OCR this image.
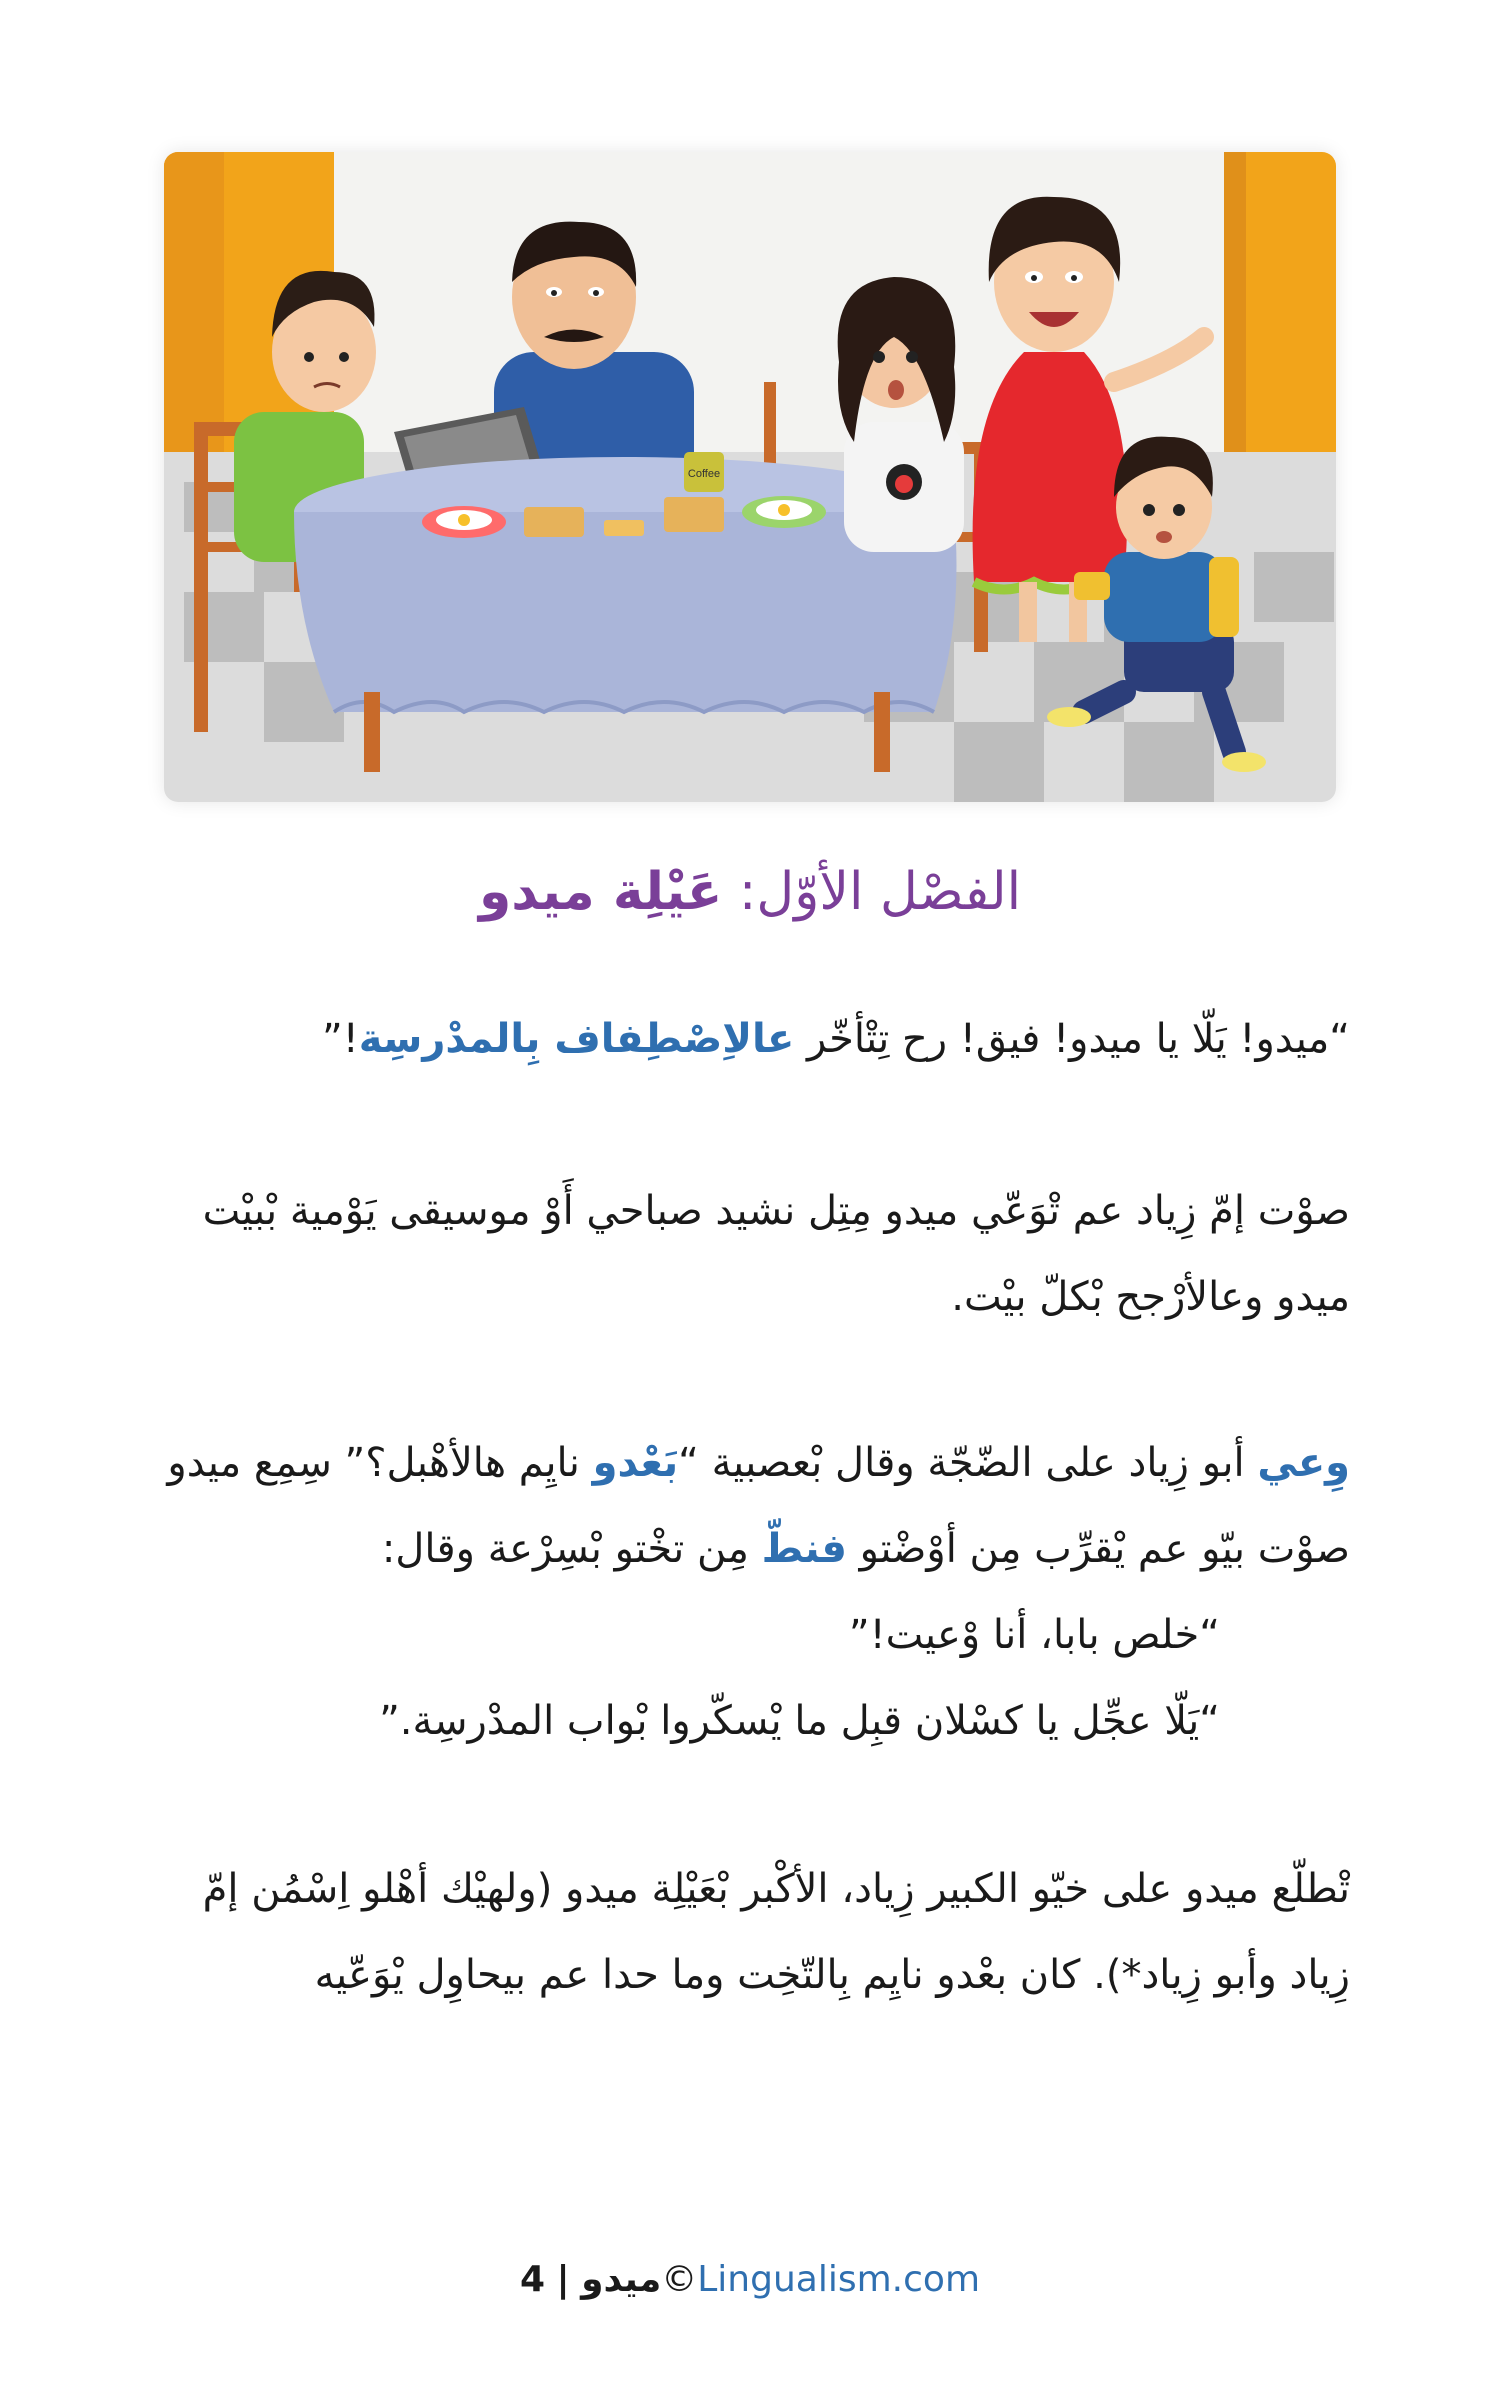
Coffee
الفصْل الأوّل: عَيْلِة ميدو

“ميدو! يَلّا يا ميدو! فيق! رح تِتْأخّر عالاِصْطِفاف بِالمدْرسِة!”

صوْت إمّ زِياد عم تْوَعّي ميدو مِتِل نشيد صباحي أَوْ موسيقى يَوْمية بْبيْت ميدو وعالأرْجح بْكلّ بيْت.

وِعي أبو زِياد على الضّجّة وقال بْعصبية “بَعْدو نايِم هالأهْبل؟” سِمِع ميدو صوْت بيّو عم يْقرِّب مِن أوْضْتو فنطّ مِن تخْتو بْسِرْعة وقال:

“خلص بابا، أنا وْعيت!”

“يَلّا عجِّل يا كسْلان قبِل ما يْسكّروا بْواب المدْرسِة.”

تْطلّع ميدو على خيّو الكبير زِياد، الأكْبر بْعَيْلِة ميدو (ولهيْك أهْلو اِسْمُن إمّ زِياد وأبو زِياد*). كان بعْدو نايِم بِالتّخِت وما حدا عم بيحاوِل يْوَعّيه

4 | ميدو©Lingualism.com
